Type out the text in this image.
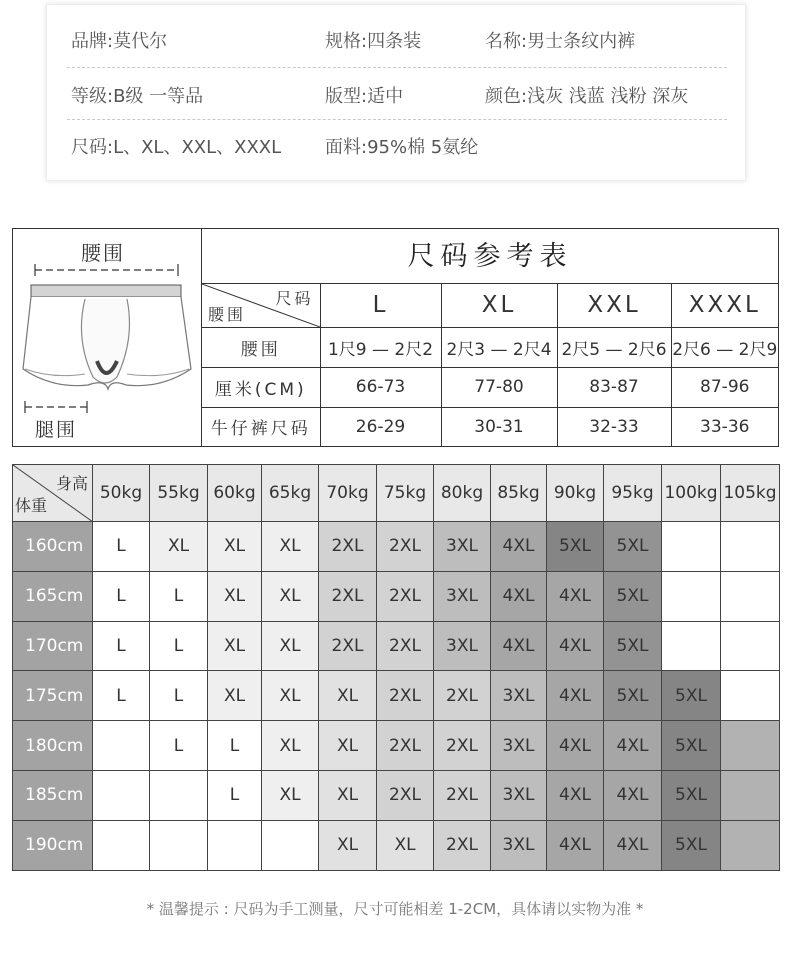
品牌:莫代尔	规格:四条装	名称:男士条纹内裤
等级:B级 一等品	版型:适中	颜色:浅灰 浅蓝 浅粉 深灰
尺码:L、XL、XXL、XXXL 面料:95%棉 5氨纶
腰围
腿围
尺码参考表
尺码
腰围	L	XL	XXL	XXXL
腰围	1尺9 — 2尺2	2尺3 — 2尺4	2尺5 — 2尺6	2尺6 — 2尺9
厘米(CM)	66-73	77-80	83-87	87-96
牛仔裤尺码	26-29	30-31	32-33	33-36
身高
体重	50kg	55kg	60kg	65kg	70kg	75kg	80kg	85kg	90kg	95kg	100kg	105kg
160cm	L	XL	XL	XL	2XL	2XL	3XL	4XL	5XL	5XL		
165cm	L	L	XL	XL	2XL	2XL	3XL	4XL	4XL	5XL		
170cm	L	L	XL	XL	2XL	2XL	3XL	4XL	4XL	5XL		
175cm	L	L	XL	XL	XL	2XL	2XL	3XL	4XL	5XL	5XL	
180cm		L	L	XL	XL	2XL	2XL	3XL	4XL	4XL	5XL	
185cm			L	XL	XL	2XL	2XL	3XL	4XL	4XL	5XL	
190cm					XL	XL	2XL	3XL	4XL	4XL	5XL	
* 温馨提示 : 尺码为手工测量，尺寸可能相差 1-2CM，具体请以实物为准 *
